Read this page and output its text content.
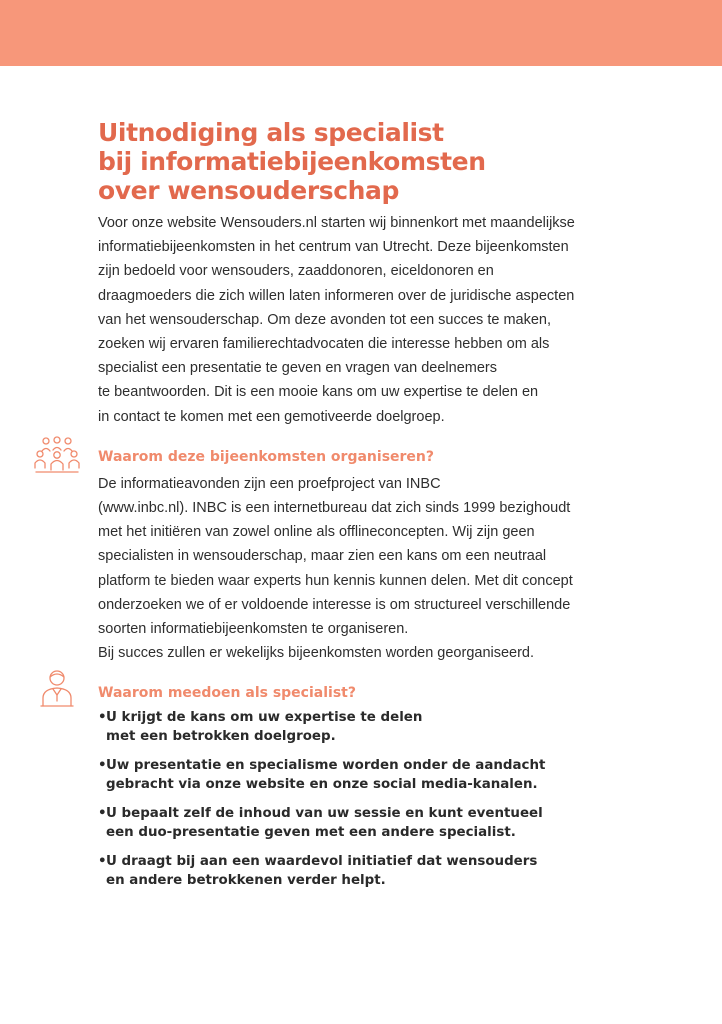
Uitnodiging als specialist
bij informatiebijeenkomsten
over wensouderschap

Voor onze website Wensouders.nl starten wij binnenkort met maandelijkse
informatiebijeenkomsten in het centrum van Utrecht. Deze bijeenkomsten
zijn bedoeld voor wensouders, zaaddonoren, eiceldonoren en
draagmoeders die zich willen laten informeren over de juridische aspecten
van het wensouderschap. Om deze avonden tot een succes te maken,
zoeken wij ervaren familierechtadvocaten die interesse hebben om als
specialist een presentatie te geven en vragen van deelnemers
te beantwoorden. Dit is een mooie kans om uw expertise te delen en
in contact te komen met een gemotiveerde doelgroep.

Waarom deze bijeenkomsten organiseren?

De informatieavonden zijn een proefproject van INBC
(www.inbc.nl). INBC is een internetbureau dat zich sinds 1999 bezighoudt
met het initiëren van zowel online als offlineconcepten. Wij zijn geen
specialisten in wensouderschap, maar zien een kans om een neutraal
platform te bieden waar experts hun kennis kunnen delen. Met dit concept
onderzoeken we of er voldoende interesse is om structureel verschillende
soorten informatiebijeenkomsten te organiseren.
Bij succes zullen er wekelijks bijeenkomsten worden georganiseerd.

Waarom meedoen als specialist?
• U krijgt de kans om uw expertise te delen
met een betrokken doelgroep.
• Uw presentatie en specialisme worden onder de aandacht
gebracht via onze website en onze social media-kanalen.
• U bepaalt zelf de inhoud van uw sessie en kunt eventueel
een duo-presentatie geven met een andere specialist.
• U draagt bij aan een waardevol initiatief dat wensouders
en andere betrokkenen verder helpt.
